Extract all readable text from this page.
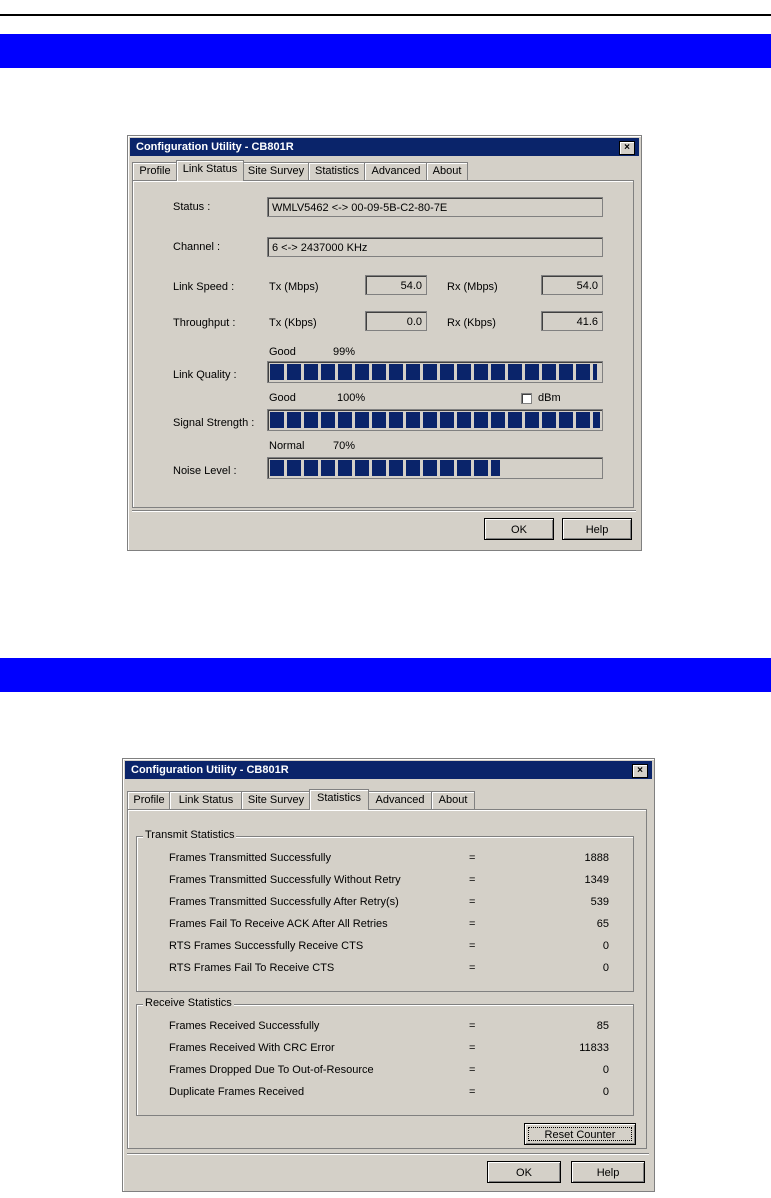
Configuration Utility - CB801R	×
Profile	Link Status Site Survey Statistics	Advanced	About
Status :	WMLV5462 <-> 00-09-5B-C2-80-7E
Channel :	6 <-> 2437000 KHz
Link Speed :	Tx (Mbps)	54.0	Rx (Mbps)	54.0
Throughput :	Tx (Kbps)	0.0	Rx (Kbps)	41.6
Good	99%
Link Quality :
Good	100%	dBm
Signal Strength :
Normal	70%
Noise Level :
OK	Help
Configuration Utility - CB801R	×
Profile	Link Status	Site Survey	Statistics	Advanced	About
Transmit Statistics
Frames Transmitted Successfully	=	1888
Frames Transmitted Successfully Without Retry	=	1349
Frames Transmitted Successfully After Retry(s)	=	539
Frames Fail To Receive ACK After All Retries	=	65
RTS Frames Successfully Receive CTS	=	0
RTS Frames Fail To Receive CTS	=	0
Receive Statistics
Frames Received Successfully	=	85
Frames Received With CRC Error	=	11833
Frames Dropped Due To Out-of-Resource	=	0
Duplicate Frames Received	=	0
Reset Counter
OK	Help
